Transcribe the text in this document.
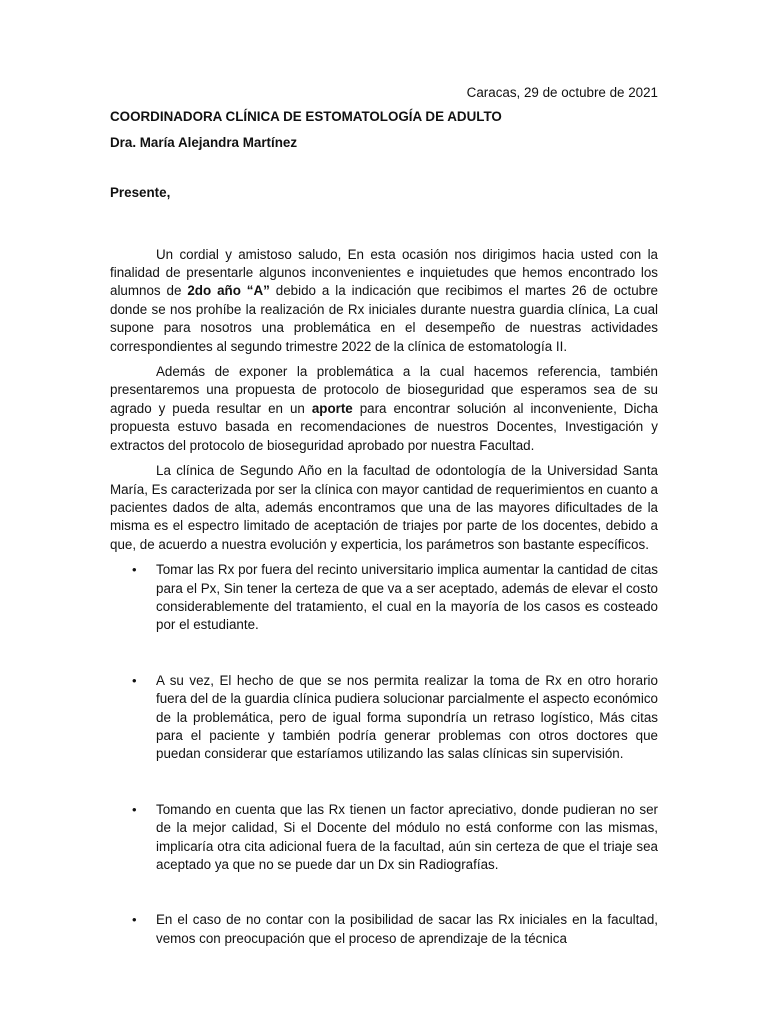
Caracas, 29 de octubre de 2021

COORDINADORA CLÍNICA DE ESTOMATOLOGÍA DE ADULTO

Dra. María Alejandra Martínez

Presente,

Un cordial y amistoso saludo, En esta ocasión nos dirigimos hacia usted con la finalidad de presentarle algunos inconvenientes e inquietudes que hemos encontrado los alumnos de 2do año “A” debido a la indicación que recibimos el martes 26 de octubre donde se nos prohíbe la realización de Rx iniciales durante nuestra guardia clínica, La cual supone para nosotros una problemática en el desempeño de nuestras actividades correspondientes al segundo trimestre 2022 de la clínica de estomatología II.

Además de exponer la problemática a la cual hacemos referencia, también presentaremos una propuesta de protocolo de bioseguridad que esperamos sea de su agrado y pueda resultar en un aporte para encontrar solución al inconveniente, Dicha propuesta estuvo basada en recomendaciones de nuestros Docentes, Investigación y extractos del protocolo de bioseguridad aprobado por nuestra Facultad.

La clínica de Segundo Año en la facultad de odontología de la Universidad Santa María, Es caracterizada por ser la clínica con mayor cantidad de requerimientos en cuanto a pacientes dados de alta, además encontramos que una de las mayores dificultades de la misma es el espectro limitado de aceptación de triajes por parte de los docentes, debido a que, de acuerdo a nuestra evolución y experticia, los parámetros son bastante específicos.

• Tomar las Rx por fuera del recinto universitario implica aumentar la cantidad de citas para el Px, Sin tener la certeza de que va a ser aceptado, además de elevar el costo considerablemente del tratamiento, el cual en la mayoría de los casos es costeado por el estudiante.
• A su vez, El hecho de que se nos permita realizar la toma de Rx en otro horario fuera del de la guardia clínica pudiera solucionar parcialmente el aspecto económico de la problemática, pero de igual forma supondría un retraso logístico, Más citas para el paciente y también podría generar problemas con otros doctores que puedan considerar que estaríamos utilizando las salas clínicas sin supervisión.
• Tomando en cuenta que las Rx tienen un factor apreciativo, donde pudieran no ser de la mejor calidad, Si el Docente del módulo no está conforme con las mismas, implicaría otra cita adicional fuera de la facultad, aún sin certeza de que el triaje sea aceptado ya que no se puede dar un Dx sin Radiografías.
• En el caso de no contar con la posibilidad de sacar las Rx iniciales en la facultad, vemos con preocupación que el proceso de aprendizaje de la técnica
